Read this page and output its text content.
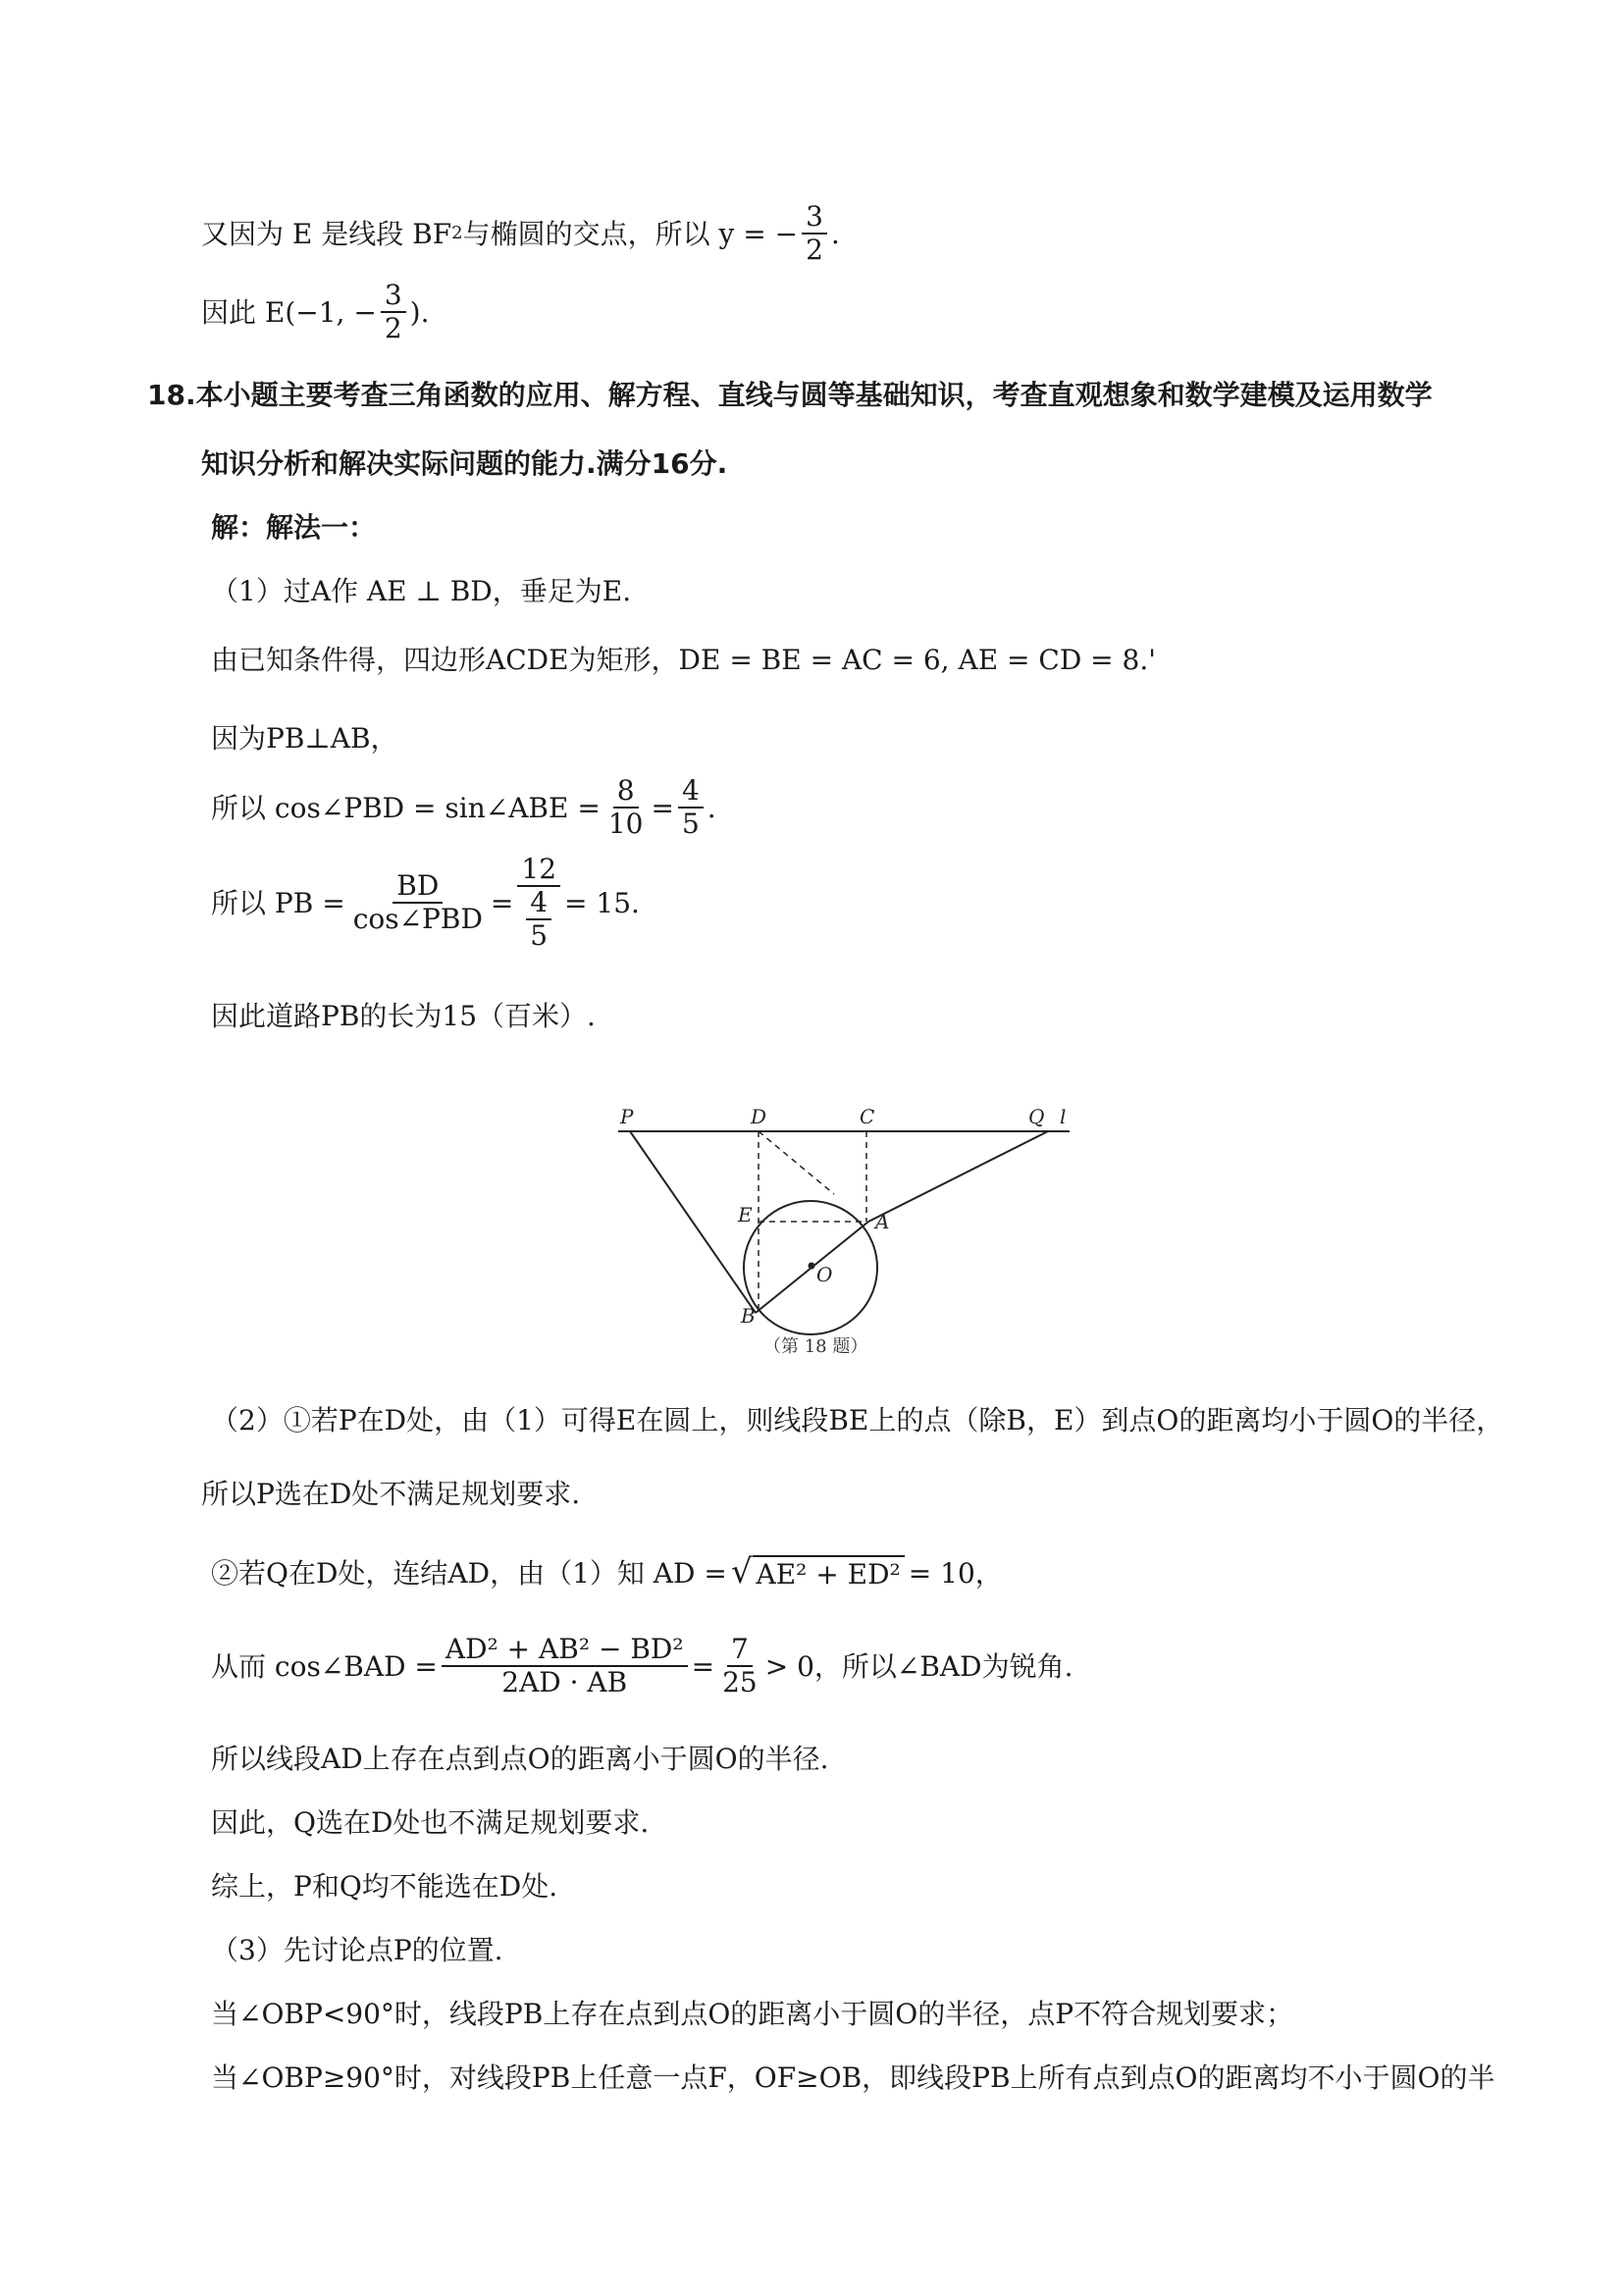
又因为 E 是线段 BF 2 与椭圆的交点，所以 y = − $\frac{3}{2}$ .
因此 E(−1, − $\frac{3}{2}$ ).
18.本小题主要考查三角函数的应用、解方程、直线与圆等基础知识，考查直观想象和数学建模及运用数学
知识分析和解决实际问题的能力.满分16分.
解：解法一：
（1）过A作 AE ⊥ BD，垂足为E.
由已知条件得，四边形ACDE为矩形，DE = BE = AC = 6, AE = CD = 8.'
因为PB⊥AB，
所以 cos∠PBD = sin∠ABE = $\frac{8}{10} = \frac{4}{5}$ .
所以 PB = $\frac{BD}{\text{cos∠PBD}} = \frac{12}{\frac{4}{5}} = 15$.
因此道路PB的长为15（百米）.
P	D	C	Q l
E	A
O
B
（第 18 题）
（2）①若P在D处，由（1）可得E在圆上，则线段BE上的点（除B，E）到点O的距离均小于圆O的半径，
所以P选在D处不满足规划要求.
②若Q在D处，连结AD，由（1）知 AD = √ AE² + ED² = 10，
从而 cos∠BAD = $\frac{\text{AD² + AB² − BD²}}{2AD \cdot AB} = \frac{7}{25} > 0$，所以∠BAD为锐角.
所以线段AD上存在点到点O的距离小于圆O的半径.
因此，Q选在D处也不满足规划要求.
综上，P和Q均不能选在D处.
（3）先讨论点P的位置.
当∠OBP<90°时，线段PB上存在点到点O的距离小于圆O的半径，点P不符合规划要求；
当∠OBP≥90°时，对线段PB上任意一点F，OF≥OB，即线段PB上所有点到点O的距离均不小于圆O的半
